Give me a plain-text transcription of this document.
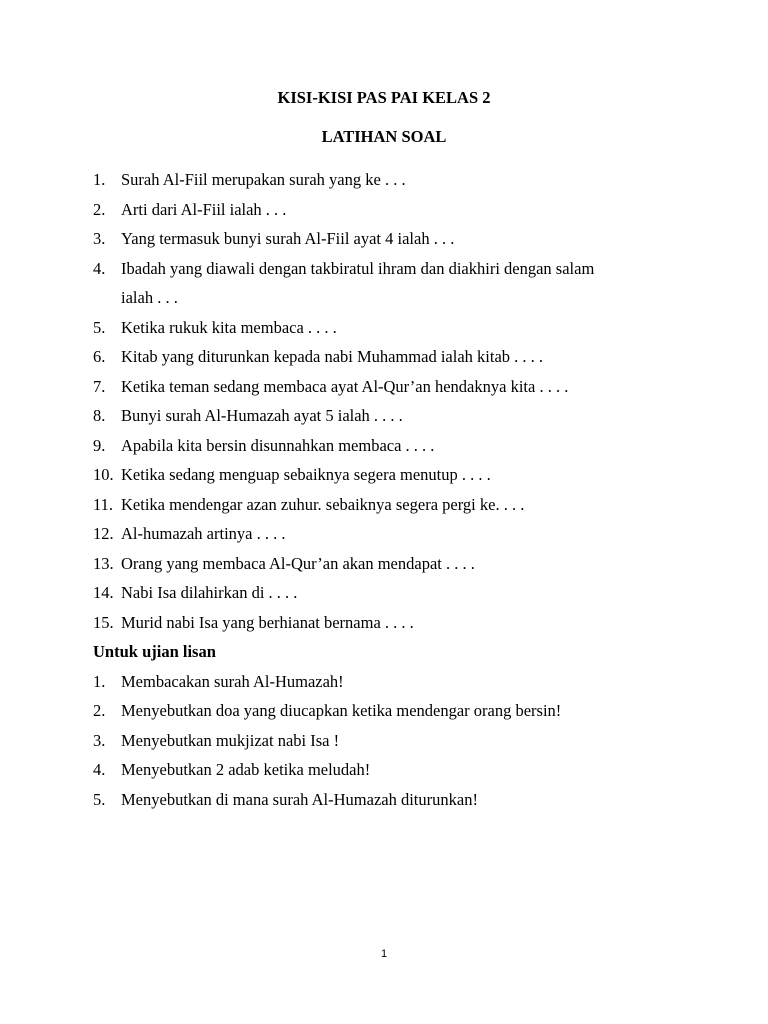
KISI-KISI PAS PAI KELAS 2
LATIHAN SOAL
1. Surah Al-Fiil merupakan surah yang ke . . .
2. Arti dari Al-Fiil ialah . . .
3. Yang termasuk bunyi surah Al-Fiil ayat 4 ialah . . .
4. Ibadah yang diawali dengan takbiratul ihram dan diakhiri dengan salam
ialah . . .
5. Ketika rukuk kita membaca . . . .
6. Kitab yang diturunkan kepada nabi Muhammad ialah kitab . . . .
7. Ketika teman sedang membaca ayat Al-Qur’an hendaknya kita . . . .
8. Bunyi surah Al-Humazah ayat 5 ialah . . . .
9. Apabila kita bersin disunnahkan membaca . . . .
10. Ketika sedang menguap sebaiknya segera menutup . . . .
11. Ketika mendengar azan zuhur. sebaiknya segera pergi ke. . . .
12. Al-humazah artinya . . . .
13. Orang yang membaca Al-Qur’an akan mendapat . . . .
14. Nabi Isa dilahirkan di . . . .
15. Murid nabi Isa yang berhianat bernama . . . .
Untuk ujian lisan
1. Membacakan surah Al-Humazah!
2. Menyebutkan doa yang diucapkan ketika mendengar orang bersin!
3. Menyebutkan mukjizat nabi Isa !
4. Menyebutkan 2 adab ketika meludah!
5. Menyebutkan di mana surah Al-Humazah diturunkan!
1
